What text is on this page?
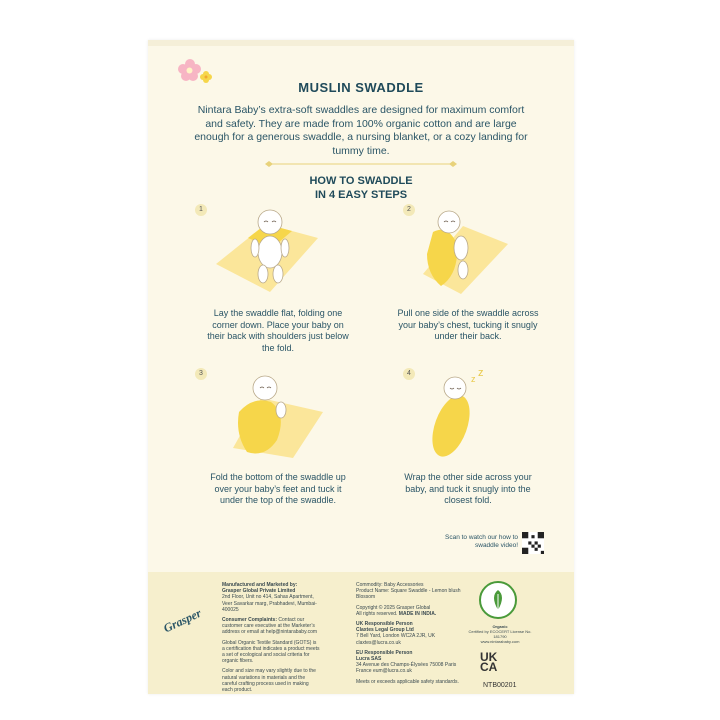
MUSLIN SWADDLE
Nintara Baby’s extra-soft swaddles are designed for maximum comfort and safety. They are made from 100% organic cotton and are large enough for a generous swaddle, a nursing blanket, or a cozy landing for tummy time.
HOW TO SWADDLE
IN 4 EASY STEPS
1
Lay the swaddle flat, folding one corner down. Place your baby on their back with shoulders just below the fold.
2
Pull one side of the swaddle across your baby’s chest, tucking it snugly under their back.
3
Fold the bottom of the swaddle up over your baby’s feet and tuck it under the top of the swaddle.
4
z z
Wrap the other side across your baby, and tuck it snugly into the closest fold.
Scan to watch our how to swaddle video!
Grasper
Manufactured and Marketed by:
Grasper Global Private Limited
2nd Floor, Unit no 414, Sahas Apartment, Veer Savarkar marg, Prabhadevi, Mumbai- 400025
Consumer Complaints: Contact our customer care executive at the Marketer’s address or email at help@nintarababy.com
Global Organic Textile Standard (GOTS) is a certification that indicates a product meets a set of ecological and social criteria for organic fibers.
Color and size may vary slightly due to the natural variations in materials and the careful crafting process used in making each product.
Commodity: Baby Accessories
Product Name: Square Swaddle - Lemon blush Blossom
Copyright © 2025 Grasper Global
All rights reserved. MADE IN INDIA.
UK Responsible Person
Claxtes Legal Group Ltd
7 Bell Yard, London WC2A 2JR, UK claxtes@lucra.co.uk
EU Responsible Person
Lucra SAS
34 Avenue des Champs-Élysées 75008 Paris France eum@lucra.co.uk
Meets or exceeds applicable safety standards.
Organic
Certified by ECOCERT License No. 181790
www.nintarababy.com
UK CA
NTB00201
